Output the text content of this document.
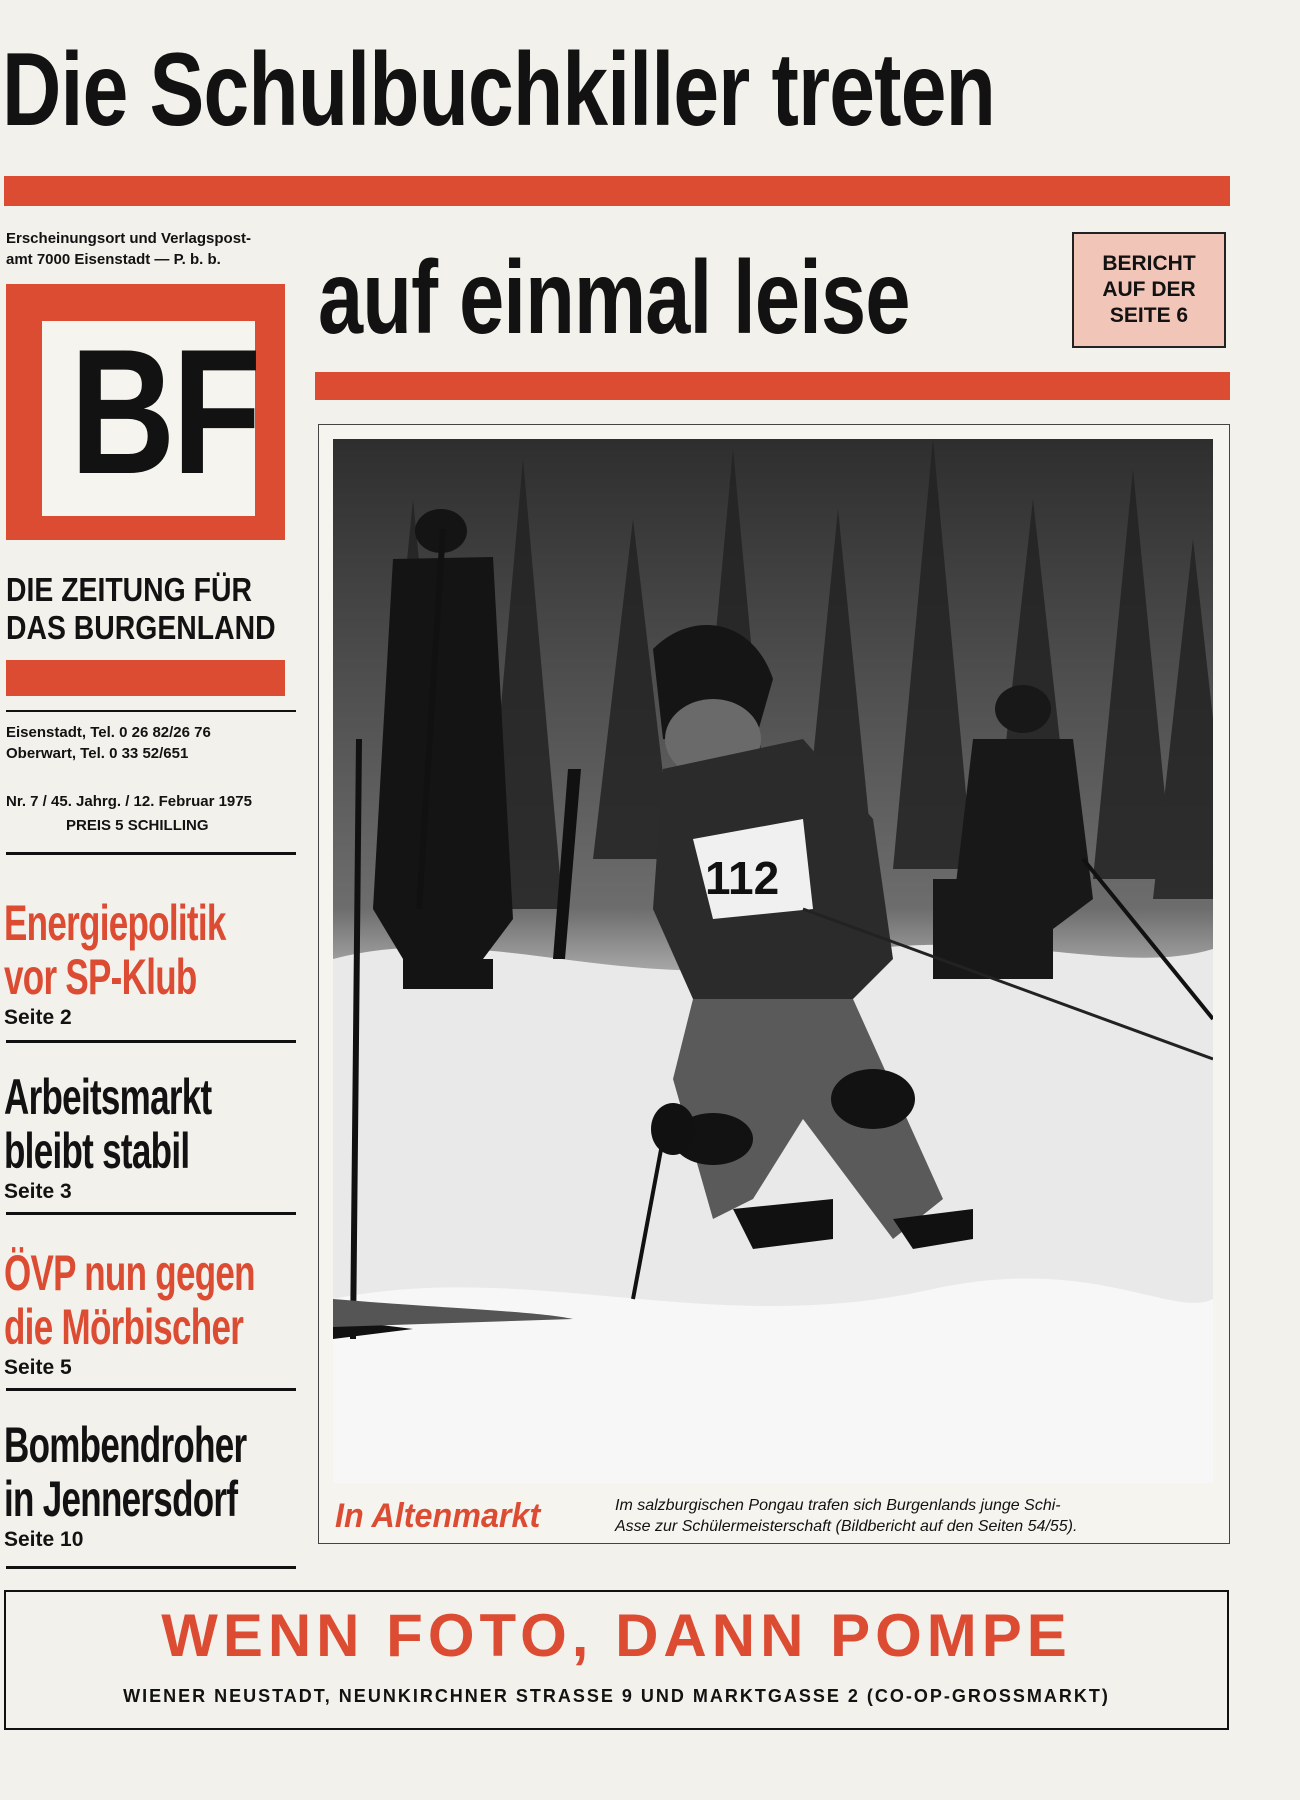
Die Schulbuchkiller treten
Erscheinungsort und Verlagspost-
amt 7000 Eisenstadt — P. b. b. auf einmal leise	BERICHT
AUF DER
SEITE 6
BF
DIE ZEITUNG FÜR
DAS BURGENLAND
Eisenstadt, Tel. 0 26 82/26 76
Oberwart, Tel. 0 33 52/651
Nr. 7 / 45. Jahrg. / 12. Februar 1975
PREIS 5 SCHILLING
Energiepolitik
vor SP-Klub
Seite 2
Arbeitsmarkt
bleibt stabil
Seite 3
ÖVP nun gegen
die Mörbischer
Seite 5
Bombendroher
in Jennersdorf
Seite 10
112
In Altenmarkt	Im salzburgischen Pongau trafen sich Burgenlands junge Schi-
Asse zur Schülermeisterschaft (Bildbericht auf den Seiten 54/55).
WENN FOTO, DANN POMPE
WIENER NEUSTADT, NEUNKIRCHNER STRASSE 9 UND MARKTGASSE 2 (CO-OP-GROSSMARKT)
